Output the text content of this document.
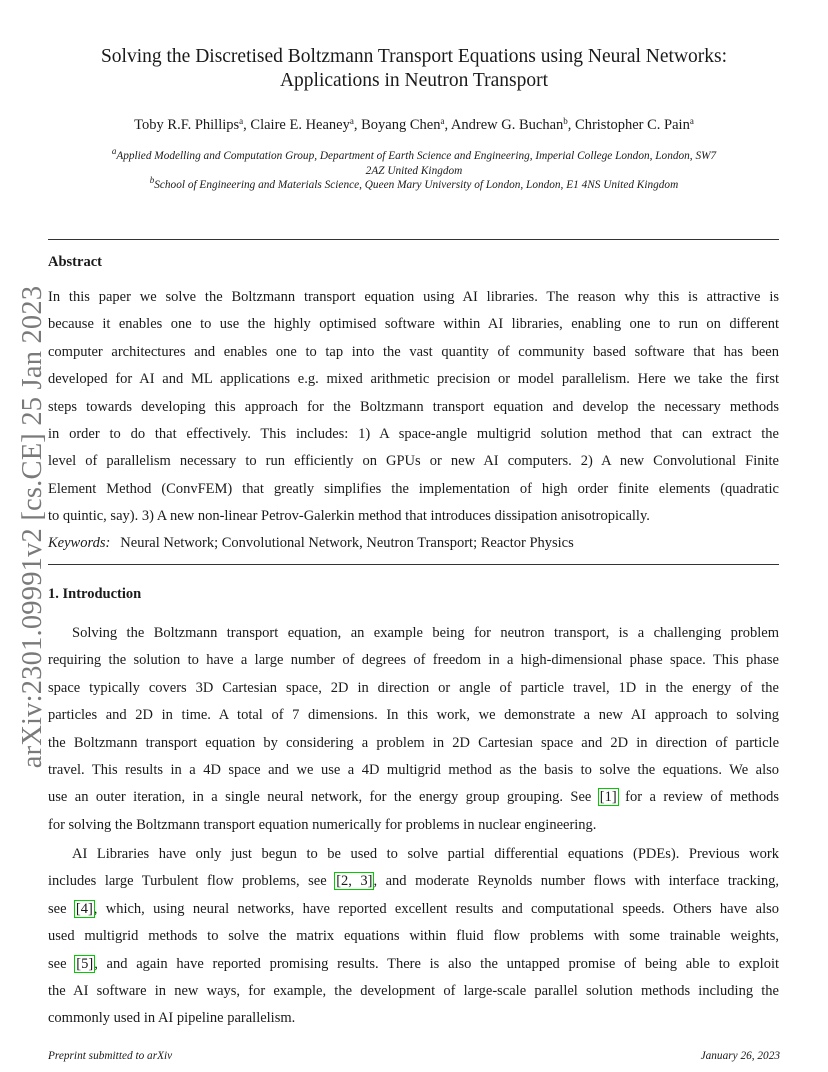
arXiv:2301.09991v2 [cs.CE] 25 Jan 2023
Solving the Discretised Boltzmann Transport Equations using Neural Networks:
Applications in Neutron Transport
Toby R.F. Phillips$^a$, Claire E. Heaney$^a$, Boyang Chen$^a$, Andrew G. Buchan$^b$, Christopher C. Pain$^a$
$^a$Applied Modelling and Computation Group, Department of Earth Science and Engineering, Imperial College London, London, SW7
2AZ United Kingdom
$^b$School of Engineering and Materials Science, Queen Mary University of London, London, E1 4NS United Kingdom
Abstract
In this paper we solve the Boltzmann transport equation using AI libraries. The reason why this is attractive is
because it enables one to use the highly optimised software within AI libraries, enabling one to run on different
computer architectures and enables one to tap into the vast quantity of community based software that has been
developed for AI and ML applications e.g. mixed arithmetic precision or model parallelism. Here we take the first
steps towards developing this approach for the Boltzmann transport equation and develop the necessary methods
in order to do that effectively. This includes: 1) A space-angle multigrid solution method that can extract the
level of parallelism necessary to run efficiently on GPUs or new AI computers. 2) A new Convolutional Finite
Element Method (ConvFEM) that greatly simplifies the implementation of high order finite elements (quadratic
to quintic, say). 3) A new non-linear Petrov-Galerkin method that introduces dissipation anisotropically.
Keywords: Neural Network; Convolutional Network, Neutron Transport; Reactor Physics
1. Introduction
Solving the Boltzmann transport equation, an example being for neutron transport, is a challenging problem
requiring the solution to have a large number of degrees of freedom in a high-dimensional phase space. This phase
space typically covers 3D Cartesian space, 2D in direction or angle of particle travel, 1D in the energy of the
particles and 2D in time. A total of 7 dimensions. In this work, we demonstrate a new AI approach to solving
the Boltzmann transport equation by considering a problem in 2D Cartesian space and 2D in direction of particle
travel. This results in a 4D space and we use a 4D multigrid method as the basis to solve the equations. We also
use an outer iteration, in a single neural network, for the energy group grouping. See [1] for a review of methods
for solving the Boltzmann transport equation numerically for problems in nuclear engineering.
AI Libraries have only just begun to be used to solve partial differential equations (PDEs). Previous work
includes large Turbulent flow problems, see [2, 3], and moderate Reynolds number flows with interface tracking,
see [4], which, using neural networks, have reported excellent results and computational speeds. Others have also
used multigrid methods to solve the matrix equations within fluid flow problems with some trainable weights,
see [5], and again have reported promising results. There is also the untapped promise of being able to exploit
the AI software in new ways, for example, the development of large-scale parallel solution methods including the
commonly used in AI pipeline parallelism.
Preprint submitted to arXiv	January 26, 2023
